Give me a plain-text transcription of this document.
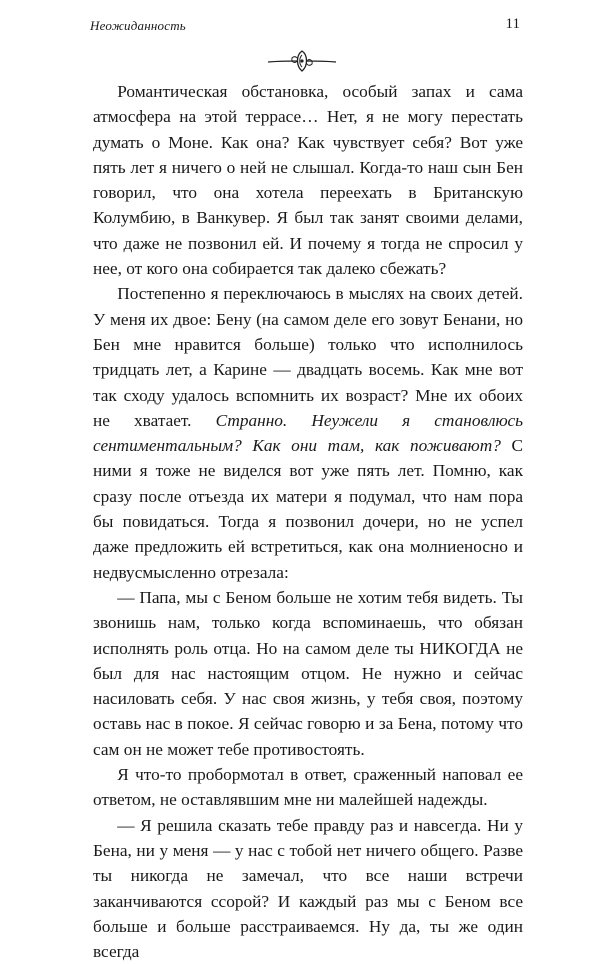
Неожиданность	11

Романтическая обстановка, особый запах и сама атмосфера на этой террасе… Нет, я не могу перестать думать о Моне. Как она? Как чувствует себя? Вот уже пять лет я ничего о ней не слышал. Когда-то наш сын Бен говорил, что она хотела переехать в Британскую Колумбию, в Ванкувер. Я был так занят своими делами, что даже не позвонил ей. И почему я тогда не спросил у нее, от кого она собирается так далеко сбежать?

Постепенно я переключаюсь в мыслях на своих детей. У меня их двое: Бену (на самом деле его зовут Бенани, но Бен мне нравится больше) только что исполнилось тридцать лет, а Карине — двадцать восемь. Как мне вот так сходу удалось вспомнить их возраст? Мне их обоих не хватает. Странно. Неужели я становлюсь сентиментальным? Как они там, как поживают? С ними я тоже не виделся вот уже пять лет. Помню, как сразу после отъезда их матери я подумал, что нам пора бы повидаться. Тогда я позвонил дочери, но не успел даже предложить ей встретиться, как она молниеносно и недвусмысленно отрезала:

— Папа, мы с Беном больше не хотим тебя видеть. Ты звонишь нам, только когда вспоминаешь, что обязан исполнять роль отца. Но на самом деле ты НИКОГДА не был для нас настоящим отцом. Не нужно и сейчас насиловать себя. У нас своя жизнь, у тебя своя, поэтому оставь нас в покое. Я сейчас говорю и за Бена, потому что сам он не может тебе противостоять.

Я что-то пробормотал в ответ, сраженный наповал ее ответом, не оставлявшим мне ни малейшей надежды.

— Я решила сказать тебе правду раз и навсегда. Ни у Бена, ни у меня — у нас с тобой нет ничего общего. Разве ты никогда не замечал, что все наши встречи заканчиваются ссорой? И каждый раз мы с Беном все больше и больше расстраиваемся. Ну да, ты же один всегда
